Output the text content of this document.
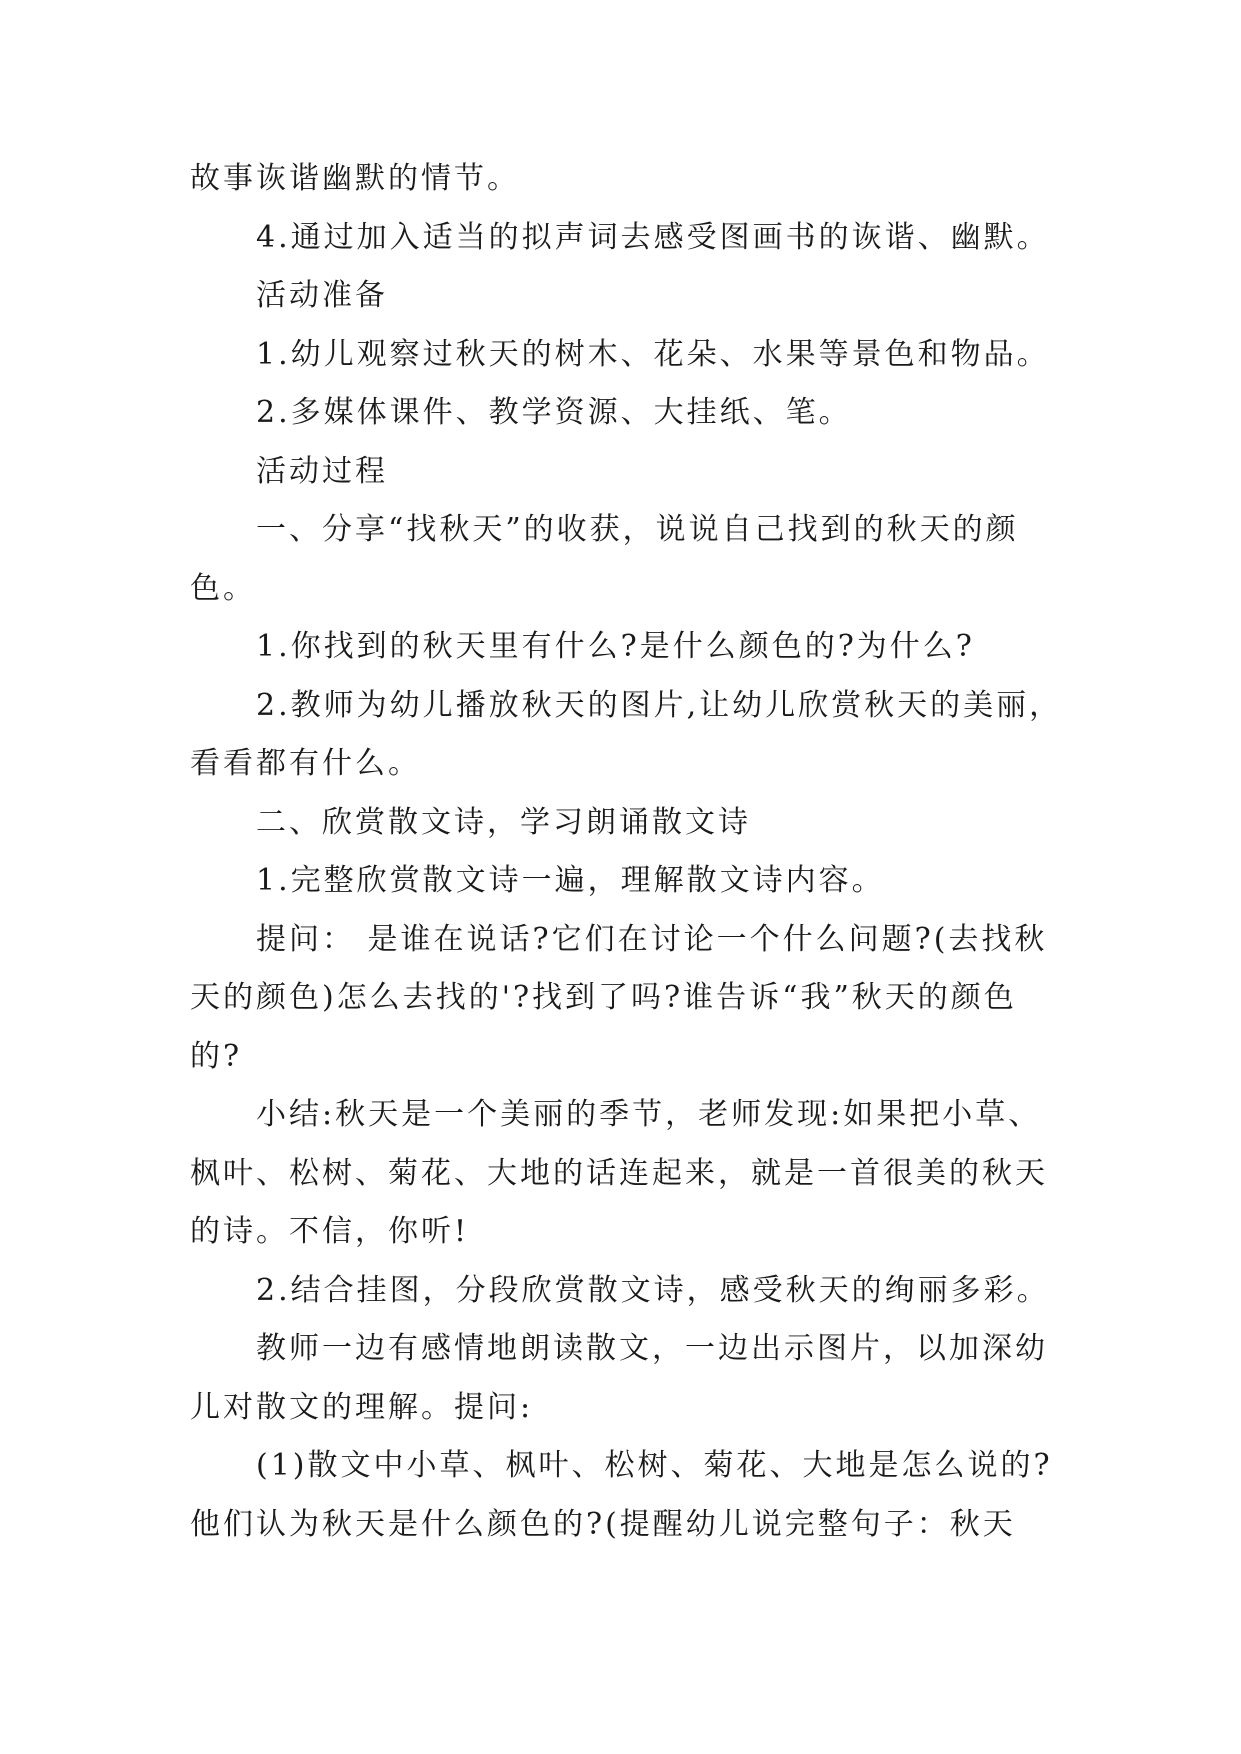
故事诙谐幽默的情节。
4.通过加入适当的拟声词去感受图画书的诙谐、幽默。
活动准备
1.幼儿观察过秋天的树木、花朵、水果等景色和物品。
2.多媒体课件、教学资源、大挂纸、笔。
活动过程
一、分享“找秋天”的收获，说说自己找到的秋天的颜
色。
1.你找到的秋天里有什么?是什么颜色的?为什么?
2.教师为幼儿播放秋天的图片,让幼儿欣赏秋天的美丽，
看看都有什么。
二、欣赏散文诗，学习朗诵散文诗
1.完整欣赏散文诗一遍，理解散文诗内容。
提问： 是谁在说话?它们在讨论一个什么问题?(去找秋
天的颜色)怎么去找的'?找到了吗?谁告诉“我”秋天的颜色
的?
小结:秋天是一个美丽的季节，老师发现:如果把小草、
枫叶、松树、菊花、大地的话连起来，就是一首很美的秋天
的诗。不信，你听!
2.结合挂图，分段欣赏散文诗，感受秋天的绚丽多彩。
教师一边有感情地朗读散文，一边出示图片，以加深幼
儿对散文的理解。提问:
(1)散文中小草、枫叶、松树、菊花、大地是怎么说的?
他们认为秋天是什么颜色的?(提醒幼儿说完整句子：秋天
